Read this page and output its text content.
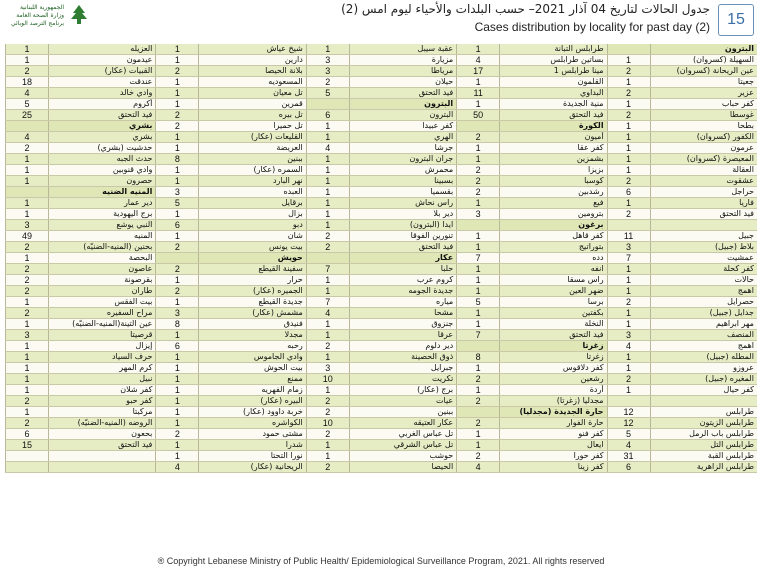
الجمهورية اللبنانية
وزارة الصحة العامة
برنامج الترصد الوبائي
جدول الحالات لتاريخ 04 آذار 2021– حسب البلدات والأحياء ليوم امس (2)
Cases distribution by locality for past day (2)	15
1	العزيله
1	عيدمون
2	القبيات (عكار)
18	عندقت
4	وادي خالد
5	أكروم
25	فيد التحتق
بشري
4	بشري
2	حدشيت (بشري)
1	حدث الجبه
1	وادي قنوبين
1	حصرون
المنيه الضنيه
1	دير عمار
1	برج اليهودية
3	النبي يوشع
49	المنيه
2	بحنين (المنيه-الضنيّه)
1	البحصة
2	عاصون
2	بقرصونة
2	طاران
1	بيت الفقس
2	مراح السفيره
1	عين التينة(المنيه-الضنيّه)
3	قرصيتا
1	إيزال
1	حرف السياد
1	كرم المهر
1	نبيل
1	كفر شلان
2	كفر حبو
1	مركبتا
2	الروضه (المنيه-الضنيّه)
6	بحعون
15	فيد التحتق
1	شيخ عياش
1	دارين
2	بلانة الحيصا
1	المسعوديه
1	تل معيان
1	قمرين
2	تل بيره
2	تل حميرا
1	القليعات (عكار)
1	العريضة
8	ببنين
1	السمره (عكار)
1	نهر البارد
3	العبده
5	برقايل
1	بزال
6	دبو
1	شان
2	بيت يونس
حويش
2	سفينة القيطع
1	حرار
2	الجميره (عكار)
1	جديدة القيطع
3	مشمش (عكار)
8	فنيدق
1	مجدلا
6	رحبه
1	وادي الجاموس
1	بيت الحوش
1	ممنع
1	زمام الفهريه
1	البيره (عكار)
1	خربة داوود (عكار)
1	الكواشره
2	مشتى حمود
1	شدرا
1	نورا التحتا
4	الريحانية (عكار)
1	عقبة سيبل
3	مزيارة
3	مرياطا
2	حيلان
5	فيد التحتق
البترون
6	البترون
1	كفر عبيدا
1	الهري
4	جرشا
1	جران البترون
1	محمرش
1	بسبينا
1	بقسميا
1	راس نحاش
1	دير بلا
1	ايدا (البترون)
2	تنورين الفوقا
2	فيد التحتق
عكار
7	حلبا
1	كروم عرب
1	جديدة الجومه
7	مياره
4	مشحا
1	جنزوق
1	عرقا
2	دير دلوم
1	ذوق الحصينة
3	جبرايل
10	تكريت
1	برج (عكار)
2	عيات
2	ببنين
10	عكار العتيقه
2	تل عباس الغربي
1	تل عباس الشرقي
1	حوشب
2	الحيصا
1	طرابلس التبانة
4	بساتين طرابلس
17	مينا طرابلس 1
1	القلمون
11	البداوي
1	منية الجديدة
50	فيد التحتق
الكورة
2	أميون
1	كفر عقا
1	بشمزين
2	بزيزا
2	كوسبا
2	رشدبين
1	فيع
3	بترومين
برغون
1	كفر قاهل
1	بتوراتيج
7	دده
1	انفه
1	راس مسقا
1	ضهر العين
5	برسا
1	بكفتين
1	النخلة
7	فيد التحتق
زغرتا
8	زغرتا
1	كفر دلاقوس
2	رشعين
1	أردة
2	مجدليا (زغرتا)
حارة الجديدة (مجدليا)
2	حارة الفوار
1	كفر فنو
1	ايعال
2	كفر حورا
4	كفر زينا
البترون
1	السهيلة (كسروان)
2	عين الريحانة (كسروان)
1	جعيتا
2	عزير
1	كفر حباب
2	غوسطا
1	بطحا
1	الكفور (كسروان)
1	عرمون
1	المعيصرة (كسروان)
1	العقالة
2	عشقوت
6	حراجل
1	فاريا
2	فيد التحتق
11	جبيل
3	بلاط (جبيل)
7	عمشيت
1	كفر كحلة
1	حالات
1	اهمج
2	حصرايل
1	جدايل (جبيل)
1	مهر ابراهيم
3	المنصف
4	اهمج
1	المطله (جبيل)
1	عروزو
2	المغيره (جبيل)
1	كفر حيال
12	طرابلس
12	طرابلس الزيتون
5	طرابلس باب الرمل
4	طرابلس التل
31	طرابلس القبة
6	طرابلس الزاهرية
® Copyright Lebanese Ministry of Public Health/ Epidemiological Surveillance Program, 2021. All rights reserved
